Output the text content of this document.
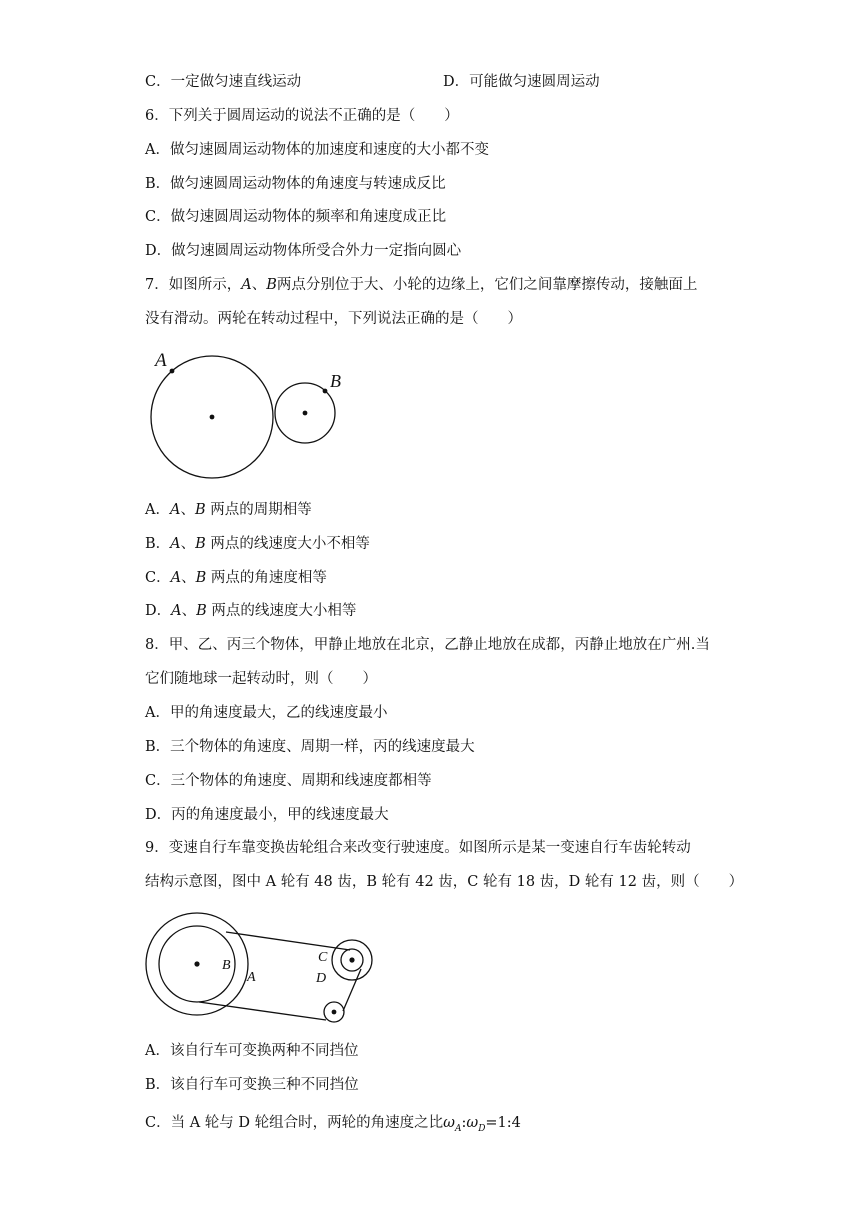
C．一定做匀速直线运动	D．可能做匀速圆周运动
6．下列关于圆周运动的说法不正确的是（　　）
A．做匀速圆周运动物体的加速度和速度的大小都不变
B．做匀速圆周运动物体的角速度与转速成反比
C．做匀速圆周运动物体的频率和角速度成正比
D．做匀速圆周运动物体所受合外力一定指向圆心
7．如图所示，A、B两点分别位于大、小轮的边缘上，它们之间靠摩擦传动，接触面上
没有滑动。两轮在转动过程中，下列说法正确的是（　　）
A
B
A．A、B 两点的周期相等
B．A、B 两点的线速度大小不相等
C．A、B 两点的角速度相等
D．A、B 两点的线速度大小相等
8．甲、乙、丙三个物体，甲静止地放在北京，乙静止地放在成都，丙静止地放在广州.当
它们随地球一起转动时，则（　　）
A．甲的角速度最大，乙的线速度最小
B．三个物体的角速度、周期一样，丙的线速度最大
C．三个物体的角速度、周期和线速度都相等
D．丙的角速度最小，甲的线速度最大
9．变速自行车靠变换齿轮组合来改变行驶速度。如图所示是某一变速自行车齿轮转动
结构示意图，图中 A 轮有 48 齿，B 轮有 42 齿，C 轮有 18 齿，D 轮有 12 齿，则（　　）
B
A
C
D
A．该自行车可变换两种不同挡位
B．该自行车可变换三种不同挡位
C．当 A 轮与 D 轮组合时，两轮的角速度之比$\omega_A:\omega_D=1:4$
